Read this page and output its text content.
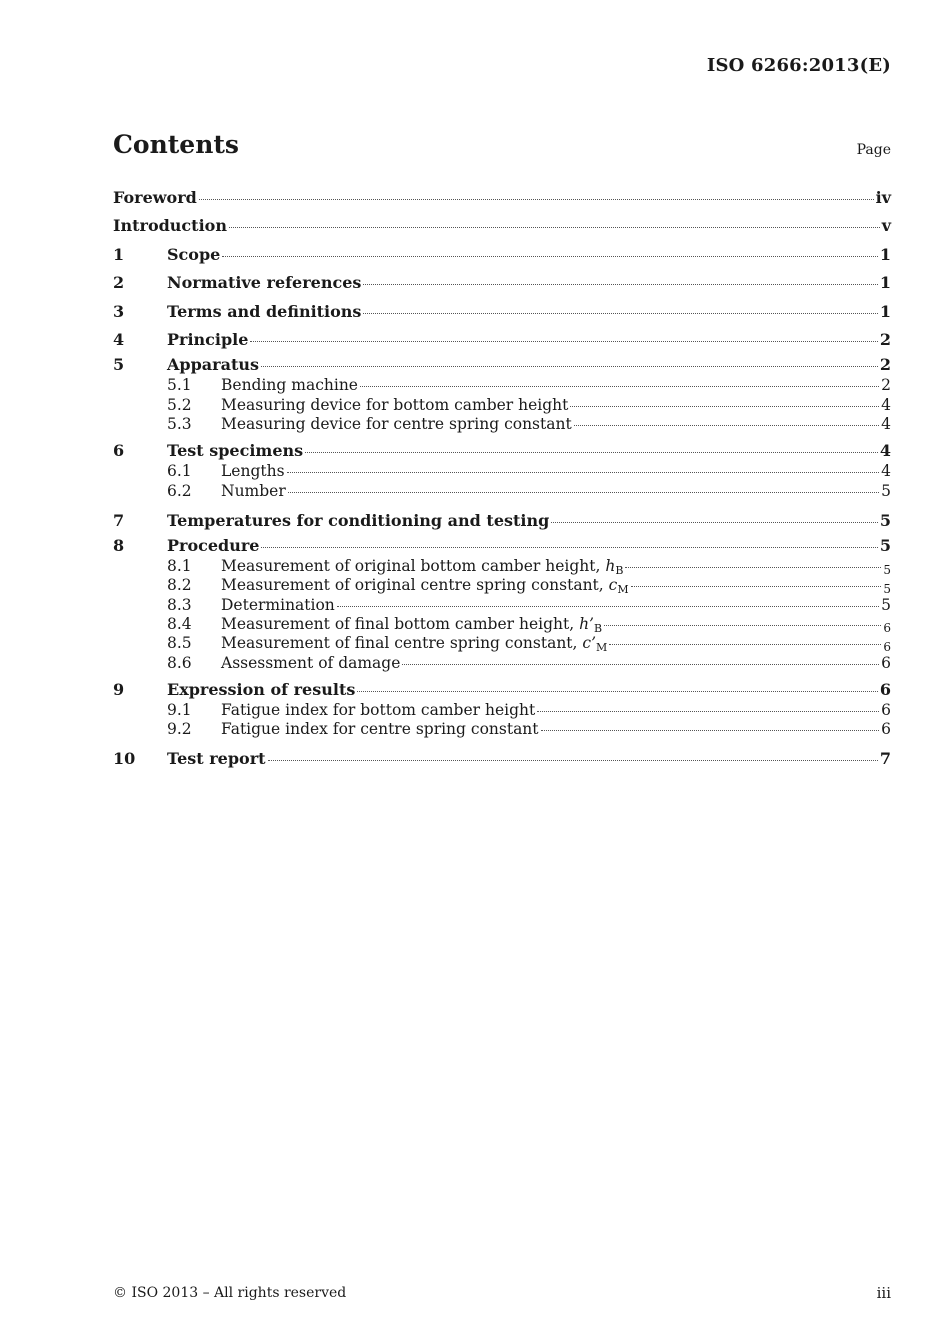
ISO 6266:2013(E)
Contents	Page
Foreword	iv
Introduction	v
1	Scope	1
2	Normative references	1
3	Terms and definitions	1
4	Principle	2
5	Apparatus	2
5.1	Bending machine	2
5.2	Measuring device for bottom camber height	4
5.3	Measuring device for centre spring constant	4
6	Test specimens	4
6.1	Lengths	4
6.2	Number	5
7	Temperatures for conditioning and testing	5
8	Procedure	5
8.1	Measurement of original bottom camber height, hB	5
8.2	Measurement of original centre spring constant, cM	5
8.3	Determination	5
8.4	Measurement of final bottom camber height, h’B	6
8.5	Measurement of final centre spring constant, c’M	6
8.6	Assessment of damage	6
9	Expression of results	6
9.1	Fatigue index for bottom camber height	6
9.2	Fatigue index for centre spring constant	6
10	Test report	7
© ISO 2013 – All rights reserved	iii
